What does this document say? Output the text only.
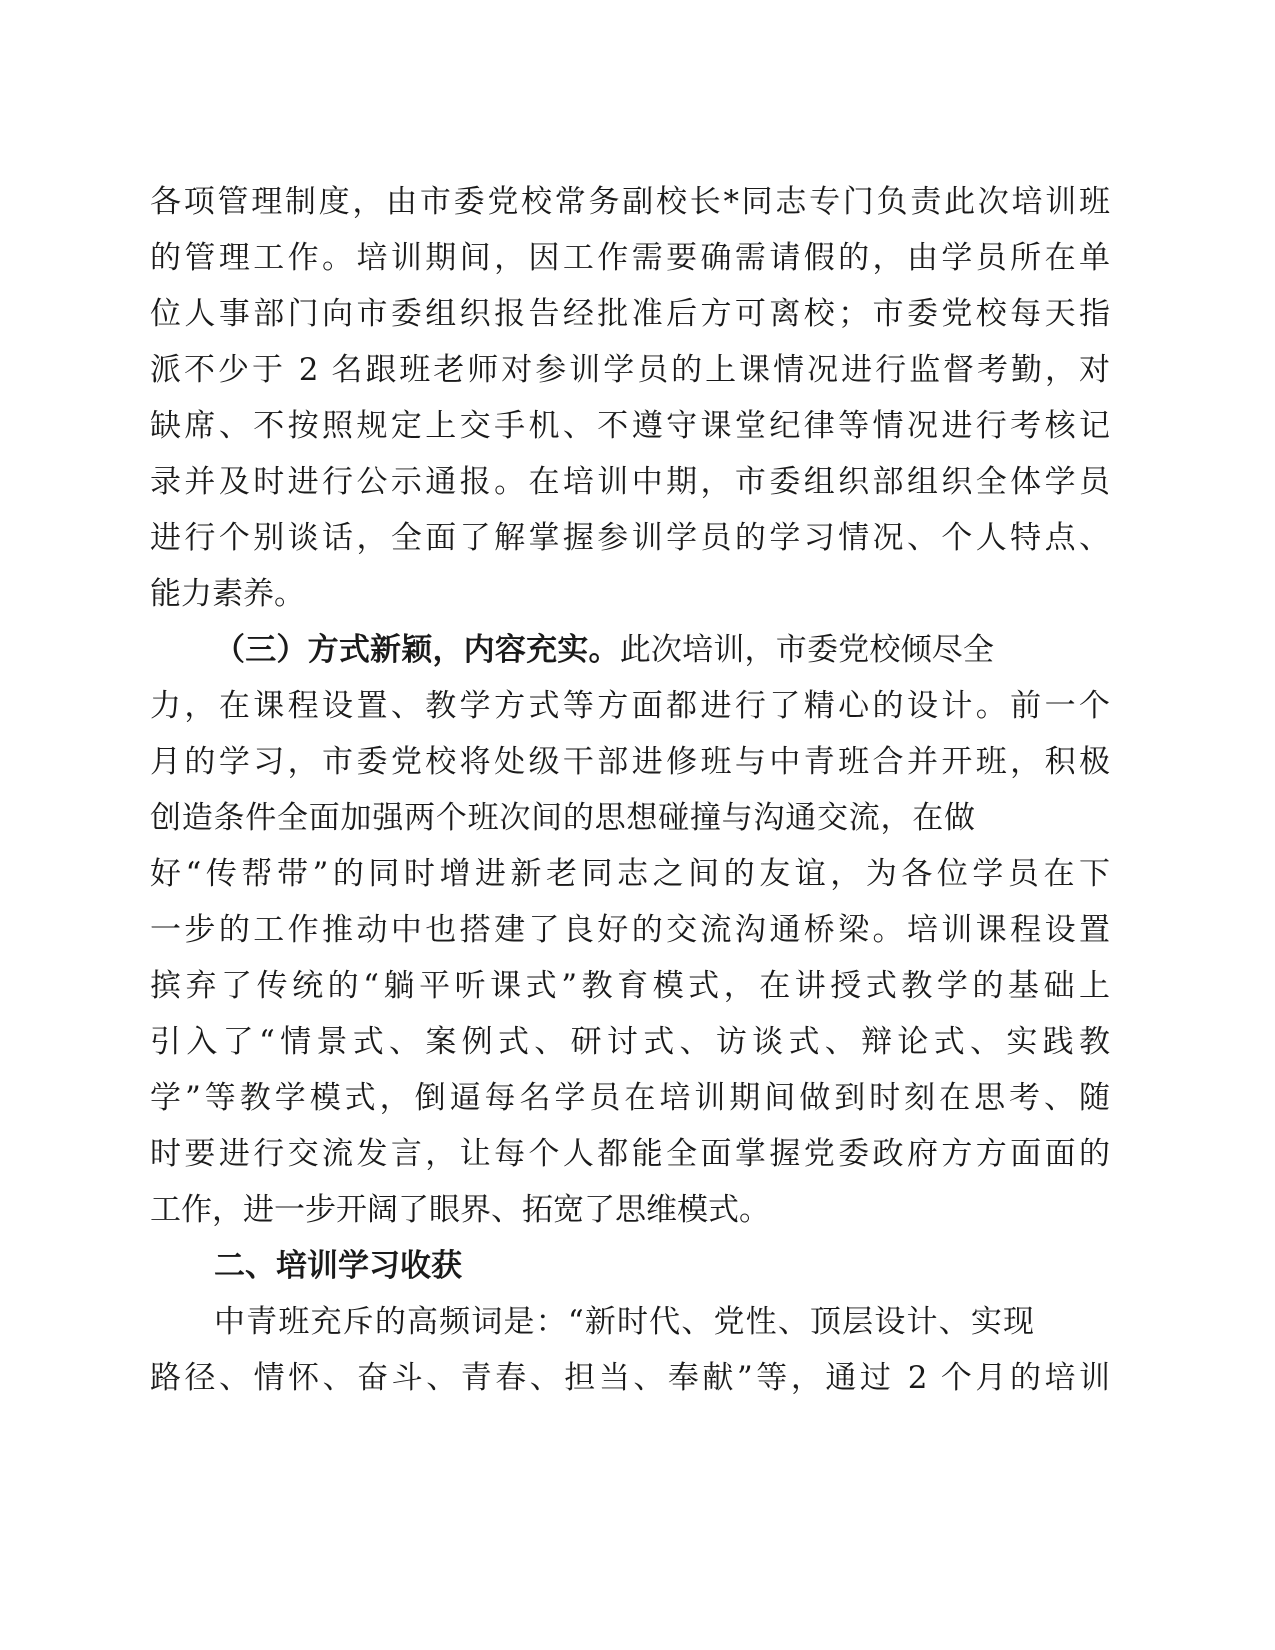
各项管理制度，由市委党校常务副校长*同志专门负责此次培训班
的管理工作。培训期间，因工作需要确需请假的，由学员所在单
位人事部门向市委组织报告经批准后方可离校；市委党校每天指
派不少于 2 名跟班老师对参训学员的上课情况进行监督考勤，对
缺席、不按照规定上交手机、不遵守课堂纪律等情况进行考核记
录并及时进行公示通报。在培训中期，市委组织部组织全体学员
进行个别谈话，全面了解掌握参训学员的学习情况、个人特点、
能力素养。
（三）方式新颖，内容充实。此次培训，市委党校倾尽全
力，在课程设置、教学方式等方面都进行了精心的设计。前一个
月的学习，市委党校将处级干部进修班与中青班合并开班，积极
创造条件全面加强两个班次间的思想碰撞与沟通交流，在做
好“传帮带”的同时增进新老同志之间的友谊，为各位学员在下
一步的工作推动中也搭建了良好的交流沟通桥梁。培训课程设置
摈弃了传统的“躺平听课式”教育模式，在讲授式教学的基础上
引入了“情景式、案例式、研讨式、访谈式、辩论式、实践教
学”等教学模式，倒逼每名学员在培训期间做到时刻在思考、随
时要进行交流发言，让每个人都能全面掌握党委政府方方面面的
工作，进一步开阔了眼界、拓宽了思维模式。
二、培训学习收获
中青班充斥的高频词是：“新时代、党性、顶层设计、实现
路径、情怀、奋斗、青春、担当、奉献”等，通过 2 个月的培训
